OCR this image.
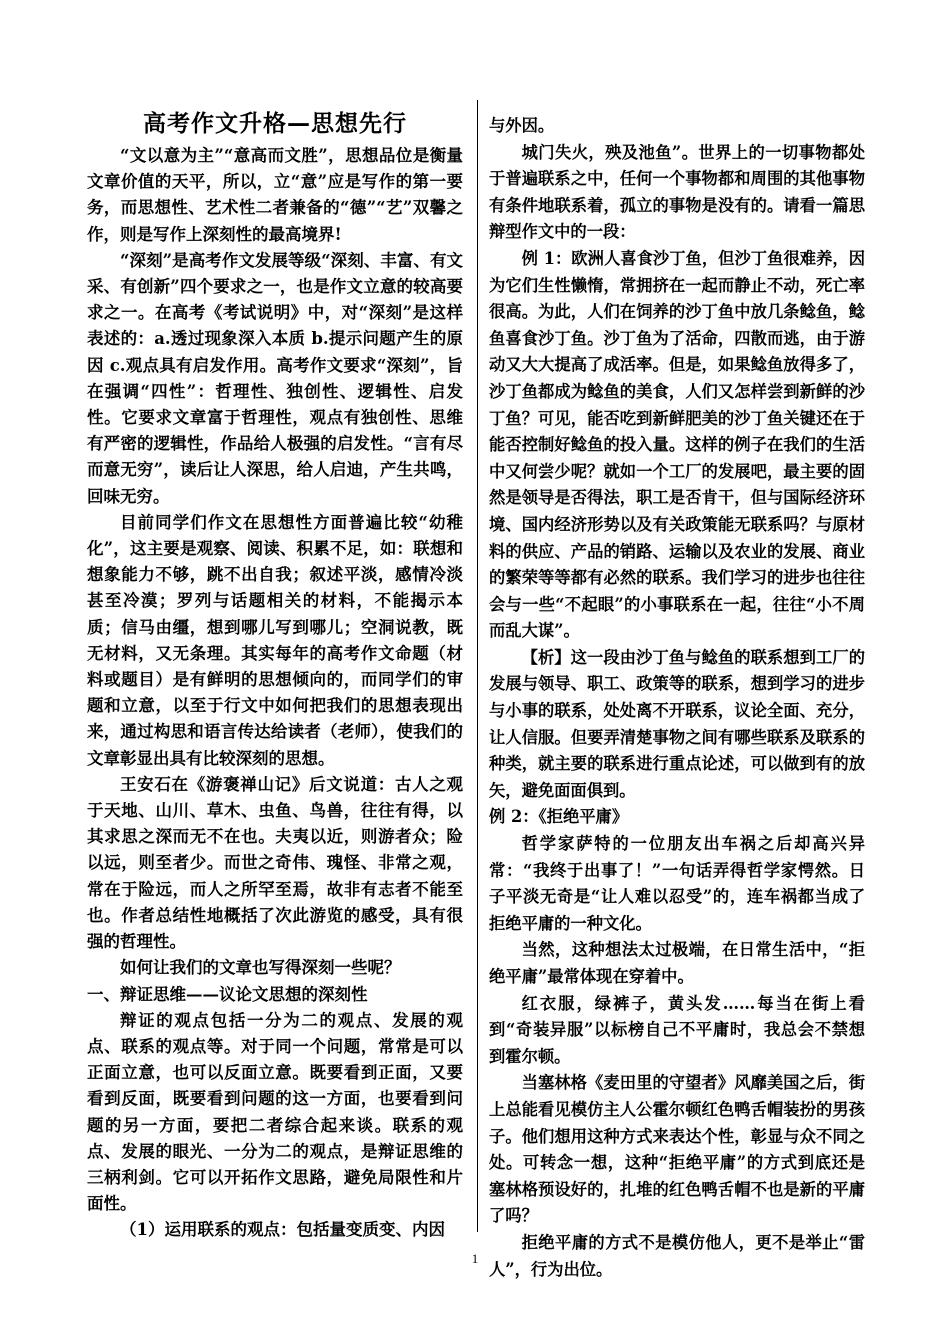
高考作文升格—思想先行

“文以意为主”“意高而文胜”，思想品位是衡量文章价值的天平，所以，立“意”应是写作的第一要务，而思想性、艺术性二者兼备的“德”“艺”双馨之作，则是写作上深刻性的最高境界!

“深刻”是高考作文发展等级“深刻、丰富、有文采、有创新”四个要求之一，也是作文立意的较高要求之一。在高考《考试说明》中，对“深刻”是这样表述的：a.透过现象深入本质 b.提示问题产生的原因 c.观点具有启发作用。高考作文要求“深刻”，旨在强调“四性”：哲理性、独创性、逻辑性、启发性。它要求文章富于哲理性，观点有独创性、思维有严密的逻辑性，作品给人极强的启发性。“言有尽而意无穷”，读后让人深思，给人启迪，产生共鸣，回味无穷。

目前同学们作文在思想性方面普遍比较“幼稚化”，这主要是观察、阅读、积累不足，如：联想和想象能力不够，跳不出自我；叙述平淡，感情冷淡甚至冷漠；罗列与话题相关的材料，不能揭示本质；信马由缰，想到哪儿写到哪儿；空洞说教，既无材料，又无条理。其实每年的高考作文命题（材料或题目）是有鲜明的思想倾向的，而同学们的审题和立意，以至于行文中如何把我们的思想表现出来，通过构思和语言传达给读者（老师），使我们的文章彰显出具有比较深刻的思想。

王安石在《游褒禅山记》后文说道：古人之观于天地、山川、草木、虫鱼、鸟兽，往往有得，以其求思之深而无不在也。夫夷以近，则游者众；险以远，则至者少。而世之奇伟、瑰怪、非常之观，常在于险远，而人之所罕至焉，故非有志者不能至也。作者总结性地概括了次此游览的感受，具有很强的哲理性。

如何让我们的文章也写得深刻一些呢？

一、辩证思维——议论文思想的深刻性

辩证的观点包括一分为二的观点、发展的观点、联系的观点等。对于同一个问题，常常是可以正面立意，也可以反面立意。既要看到正面，又要看到反面，既要看到问题的这一方面，也要看到问题的另一方面，要把二者综合起来谈。联系的观点、发展的眼光、一分为二的观点，是辩证思维的三柄利剑。它可以开拓作文思路，避免局限性和片面性。

（1）运用联系的观点：包括量变质变、内因

与外因。

城门失火，殃及池鱼”。世界上的一切事物都处于普遍联系之中，任何一个事物都和周围的其他事物有条件地联系着，孤立的事物是没有的。请看一篇思辩型作文中的一段：

例 1：欧洲人喜食沙丁鱼，但沙丁鱼很难养，因为它们生性懒惰，常拥挤在一起而静止不动，死亡率很高。为此，人们在饲养的沙丁鱼中放几条鲶鱼，鲶鱼喜食沙丁鱼。沙丁鱼为了活命，四散而逃，由于游动又大大提高了成活率。但是，如果鲶鱼放得多了，沙丁鱼都成为鲶鱼的美食，人们又怎样尝到新鲜的沙丁鱼？可见，能否吃到新鲜肥美的沙丁鱼关键还在于能否控制好鲶鱼的投入量。这样的例子在我们的生活中又何尝少呢？就如一个工厂的发展吧，最主要的固然是领导是否得法，职工是否肯干，但与国际经济环境、国内经济形势以及有关政策能无联系吗？与原材料的供应、产品的销路、运输以及农业的发展、商业的繁荣等等都有必然的联系。我们学习的进步也往往会与一些“不起眼”的小事联系在一起，往往“小不周而乱大谋”。

【析】这一段由沙丁鱼与鲶鱼的联系想到工厂的发展与领导、职工、政策等的联系，想到学习的进步与小事的联系，处处离不开联系，议论全面、充分，让人信服。但要弄清楚事物之间有哪些联系及联系的种类，就主要的联系进行重点论述，可以做到有的放矢，避免面面俱到。

例 2：《拒绝平庸》

哲学家萨特的一位朋友出车祸之后却高兴异常：“我终于出事了！”一句话弄得哲学家愕然。日子平淡无奇是“让人难以忍受”的，连车祸都当成了拒绝平庸的一种文化。

当然，这种想法太过极端，在日常生活中，“拒绝平庸”最常体现在穿着中。

红衣服，绿裤子，黄头发……每当在街上看到“奇装异服”以标榜自己不平庸时，我总会不禁想到霍尔顿。

当塞林格《麦田里的守望者》风靡美国之后，街上总能看见模仿主人公霍尔顿红色鸭舌帽装扮的男孩子。他们想用这种方式来表达个性，彰显与众不同之处。可转念一想，这种“拒绝平庸”的方式到底还是塞林格预设好的，扎堆的红色鸭舌帽不也是新的平庸了吗？

拒绝平庸的方式不是模仿他人，更不是举止“雷人”，行为出位。

1
